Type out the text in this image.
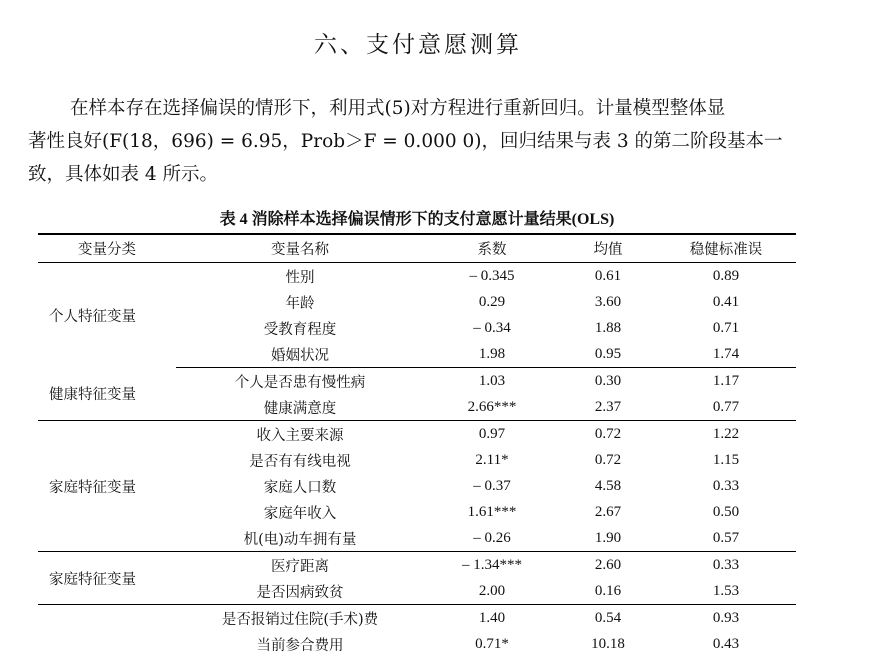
六、支付意愿测算
在样本存在选择偏误的情形下，利用式(5)对方程进行重新回归。计量模型整体显
著性良好(F(18，696) = 6.95，Prob＞F = 0.000 0)，回归结果与表 3 的第二阶段基本一
致，具体如表 4 所示。
表 4 消除样本选择偏误情形下的支付意愿计量结果(OLS)
变量分类	变量名称	系数	均值	稳健标准误
个人特征变量	性别	– 0.345	0.61	0.89
	年龄	0.29	3.60	0.41
	受教育程度	– 0.34	1.88	0.71
	婚姻状况	1.98	0.95	1.74
健康特征变量	个人是否患有慢性病	1.03	0.30	1.17
	健康满意度	2.66***	2.37	0.77
家庭特征变量	收入主要来源	0.97	0.72	1.22
	是否有有线电视	2.11*	0.72	1.15
	家庭人口数	– 0.37	4.58	0.33
	家庭年收入	1.61***	2.67	0.50
	机(电)动车拥有量	– 0.26	1.90	0.57
家庭特征变量	医疗距离	– 1.34***	2.60	0.33
	是否因病致贫	2.00	0.16	1.53
	是否报销过住院(手术)费	1.40	0.54	0.93
	当前参合费用	0.71*	10.18	0.43
